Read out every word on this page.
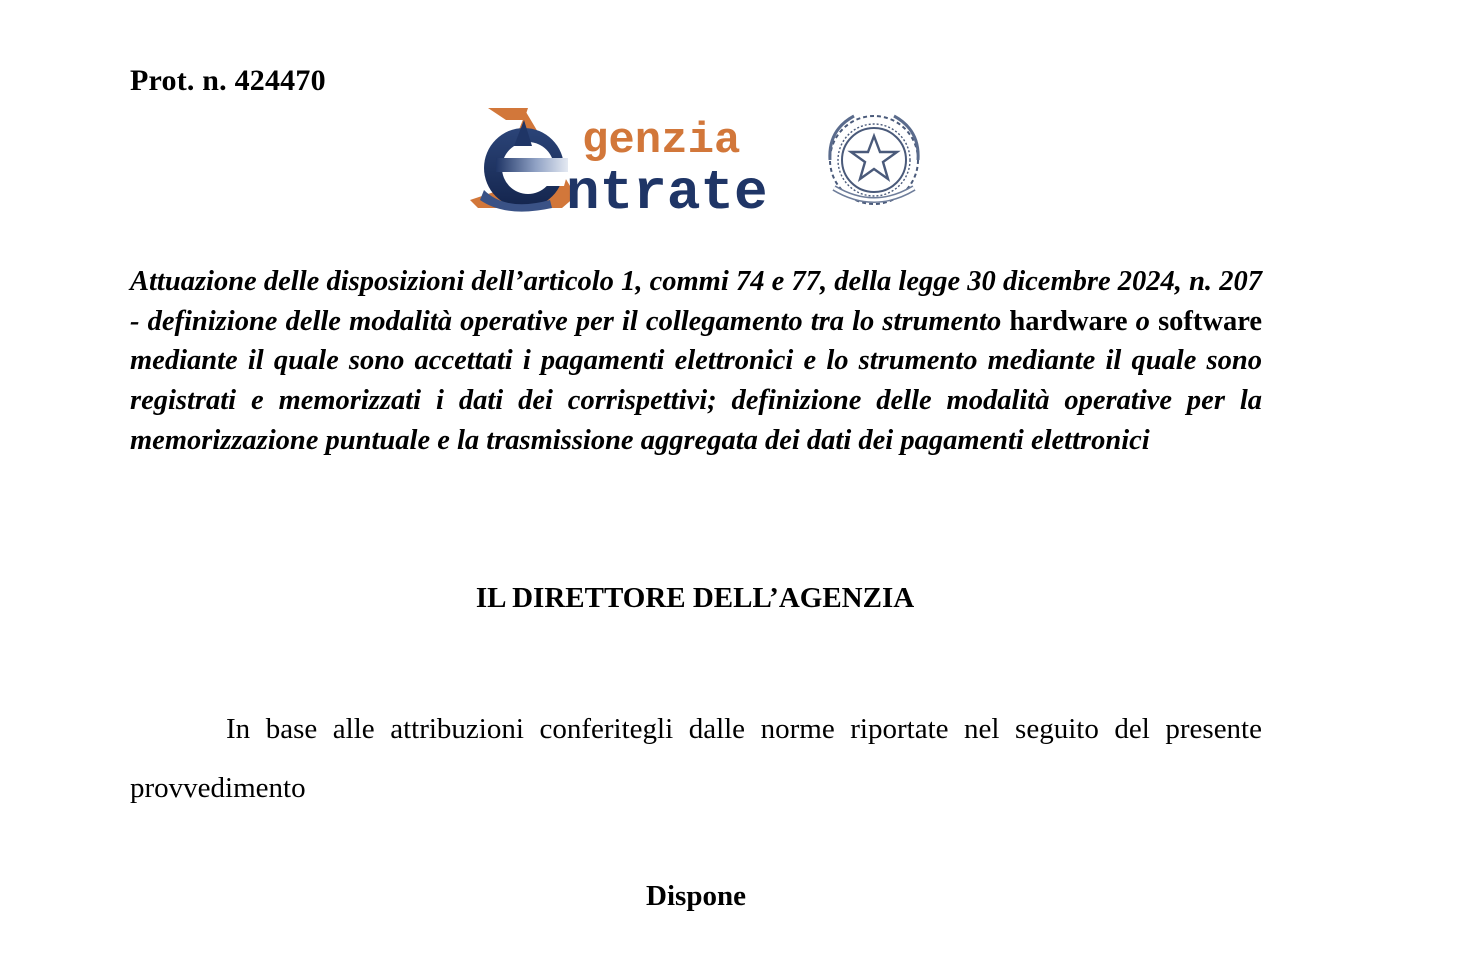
Prot. n. 424470
genzia
ntrate
Attuazione delle disposizioni dell’articolo 1, commi 74 e 77, della legge 30 dicembre 2024, n. 207 - definizione delle modalità operative per il collegamento tra lo strumento hardware o software mediante il quale sono accettati i pagamenti elettronici e lo strumento mediante il quale sono registrati e memorizzati i dati dei corrispettivi; definizione delle modalità operative per la memorizzazione puntuale e la trasmissione aggregata dei dati dei pagamenti elettronici
IL DIRETTORE DELL’AGENZIA
In base alle attribuzioni conferitegli dalle norme riportate nel seguito del presente provvedimento
Dispone
